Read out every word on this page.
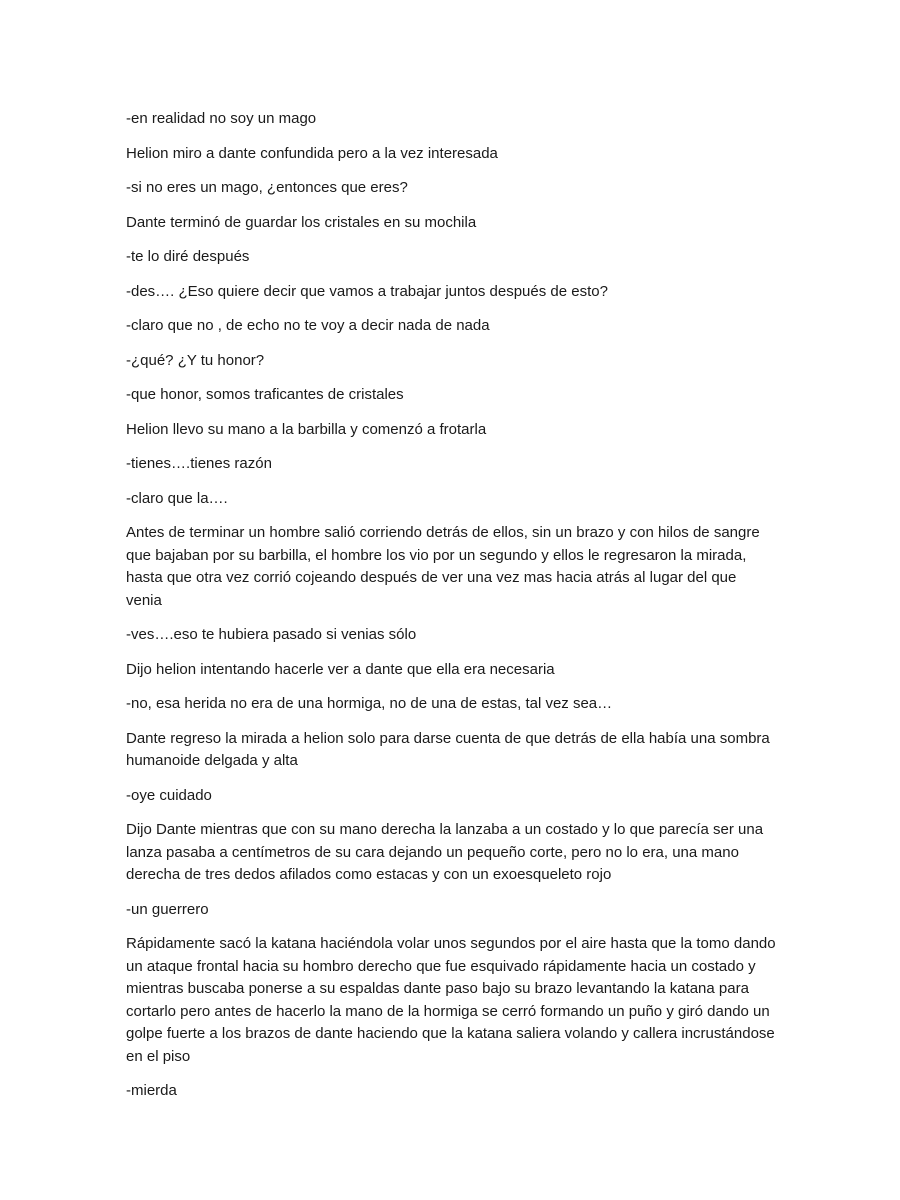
-en realidad no soy un mago

Helion miro a dante confundida pero a la vez interesada

-si no eres un mago, ¿entonces que eres?

Dante terminó de guardar los cristales en su mochila

-te lo diré después

-des…. ¿Eso quiere decir que vamos a trabajar juntos después de esto?

-claro que no , de echo no te voy a decir nada de nada

-¿qué? ¿Y tu honor?

-que honor, somos traficantes de cristales

Helion llevo su mano a la barbilla y comenzó a frotarla

-tienes….tienes razón

-claro que la….

Antes de terminar un hombre salió corriendo detrás de ellos, sin un brazo y con hilos de sangre que bajaban por su barbilla, el hombre los vio por un segundo y ellos le regresaron la mirada, hasta que otra vez corrió cojeando después de ver una vez mas hacia atrás al lugar del que venia

-ves….eso te hubiera pasado si venias sólo

Dijo helion intentando hacerle ver a dante que ella era necesaria

-no, esa herida no era de una hormiga, no de una de estas, tal vez sea…

Dante regreso la mirada a helion solo para darse cuenta de que detrás de ella había una sombra humanoide delgada y alta

-oye cuidado

Dijo Dante mientras que con su mano derecha la lanzaba a un costado y lo que parecía ser una lanza pasaba a centímetros de su cara dejando un pequeño corte, pero no lo era, una mano derecha de tres dedos afilados como estacas y con un exoesqueleto rojo

-un guerrero

Rápidamente sacó la katana haciéndola volar unos segundos por el aire hasta que la tomo dando un ataque frontal hacia su hombro derecho que fue esquivado rápidamente hacia un costado y mientras buscaba ponerse a su espaldas dante paso bajo su brazo levantando la katana para cortarlo pero antes de hacerlo la mano de la hormiga se cerró formando un puño y giró dando un golpe fuerte a los brazos de dante haciendo que la katana saliera volando y callera incrustándose en el piso

-mierda
